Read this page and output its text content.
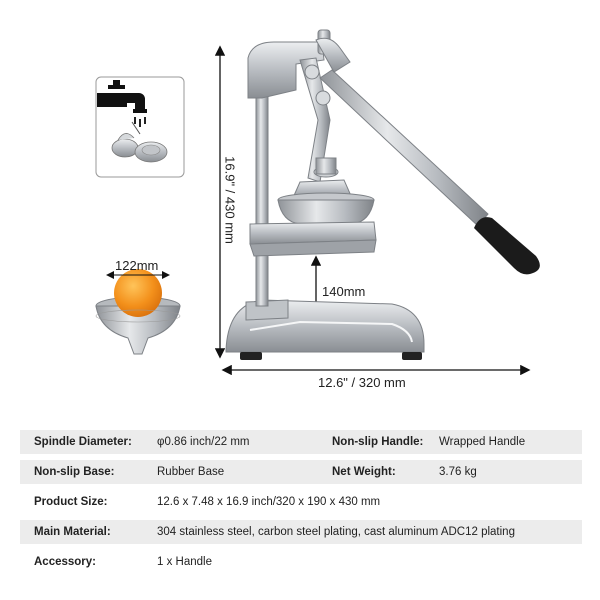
122mm
140mm
12.6" / 320 mm
16.9" / 430 mm
Spindle Diameter: φ0.86 inch/22 mm	Non-slip Handle: Wrapped Handle
Non-slip Base:	Rubber Base	Net Weight:	3.76 kg
Product Size:	12.6 x 7.48 x 16.9 inch/320 x 190 x 430 mm
Main Material:	304 stainless steel, carbon steel plating, cast aluminum ADC12 plating
Accessory:	1 x Handle
